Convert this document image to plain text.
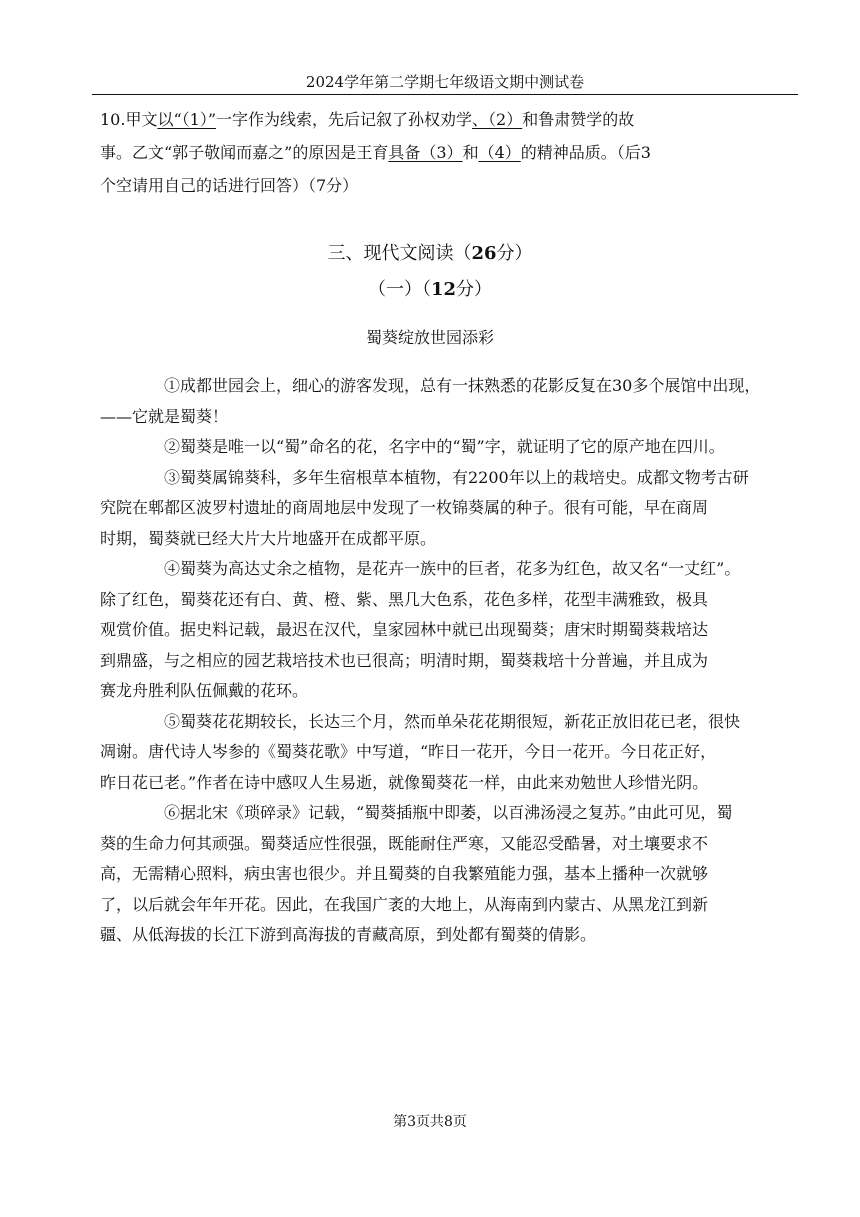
2024学年第二学期七年级语文期中测试卷

10.甲文以“（1）”一字作为线索，先后记叙了孙权劝学、（2）和鲁肃赞学的故

事。乙文“郭子敬闻而嘉之”的原因是王育具备（3）和（4）的精神品质。（后3

个空请用自己的话进行回答）（7分）

三、现代文阅读（26分）
（一）（12分）
蜀葵绽放世园添彩

①成都世园会上，细心的游客发现，总有一抹熟悉的花影反复在30多个展馆中出现，

——它就是蜀葵！

②蜀葵是唯一以“蜀”命名的花，名字中的“蜀”字，就证明了它的原产地在四川。

③蜀葵属锦葵科，多年生宿根草本植物，有2200年以上的栽培史。成都文物考古研

究院在郫都区波罗村遗址的商周地层中发现了一枚锦葵属的种子。很有可能，早在商周

时期，蜀葵就已经大片大片地盛开在成都平原。

④蜀葵为高达丈余之植物，是花卉一族中的巨者，花多为红色，故又名“一丈红”。

除了红色，蜀葵花还有白、黄、橙、紫、黑几大色系，花色多样，花型丰满雅致，极具

观赏价值。据史料记载，最迟在汉代，皇家园林中就已出现蜀葵；唐宋时期蜀葵栽培达

到鼎盛，与之相应的园艺栽培技术也已很高；明清时期，蜀葵栽培十分普遍，并且成为

赛龙舟胜利队伍佩戴的花环。

⑤蜀葵花花期较长，长达三个月，然而单朵花花期很短，新花正放旧花已老，很快

凋谢。唐代诗人岑参的《蜀葵花歌》中写道，“昨日一花开，今日一花开。今日花正好，

昨日花已老。”作者在诗中感叹人生易逝，就像蜀葵花一样，由此来劝勉世人珍惜光阴。

⑥据北宋《琐碎录》记载，“蜀葵插瓶中即萎，以百沸汤浸之复苏。”由此可见，蜀

葵的生命力何其顽强。蜀葵适应性很强，既能耐住严寒，又能忍受酷暑，对土壤要求不

高，无需精心照料，病虫害也很少。并且蜀葵的自我繁殖能力强，基本上播种一次就够

了，以后就会年年开花。因此，在我国广袤的大地上，从海南到内蒙古、从黑龙江到新

疆、从低海拔的长江下游到高海拔的青藏高原，到处都有蜀葵的倩影。

第3页共8页
